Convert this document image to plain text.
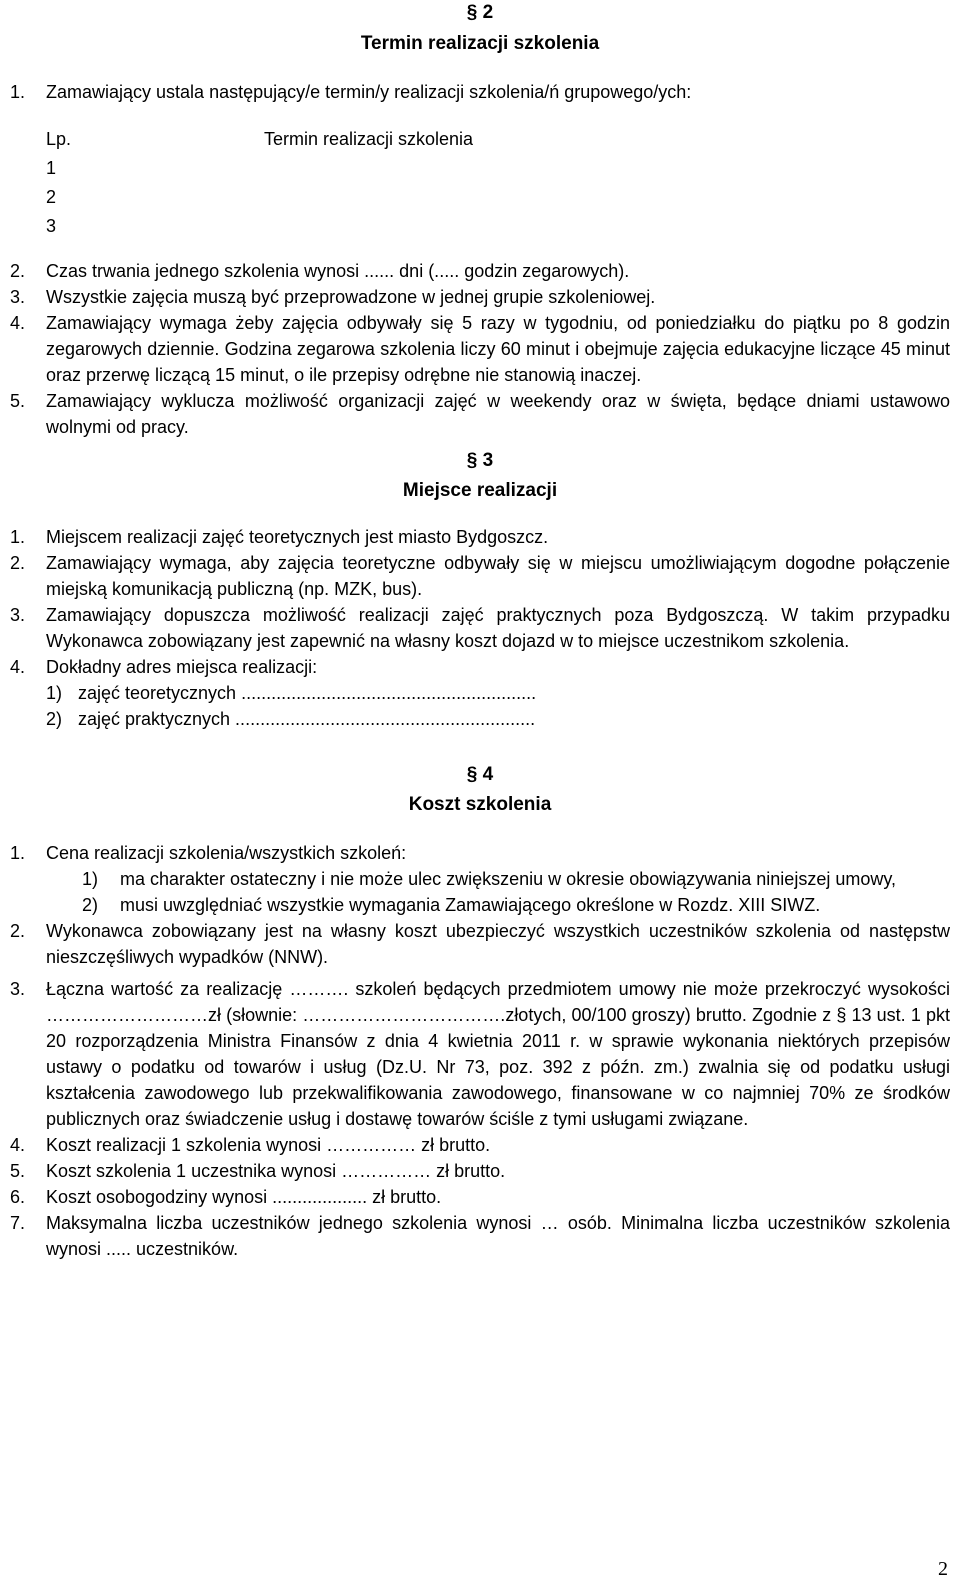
§ 2
Termin realizacji szkolenia
1. Zamawiający ustala następujący/e termin/y realizacji szkolenia/ń grupowego/ych:
Lp.	Termin realizacji szkolenia
1
2
3
2. Czas trwania jednego szkolenia wynosi ...... dni (..... godzin zegarowych).
3. Wszystkie zajęcia muszą być przeprowadzone w jednej grupie szkoleniowej.
4. Zamawiający wymaga żeby zajęcia odbywały się 5 razy w tygodniu, od poniedziałku do piątku po 8 godzin zegarowych dziennie. Godzina zegarowa szkolenia liczy 60 minut i obejmuje zajęcia edukacyjne liczące 45 minut oraz przerwę liczącą 15 minut, o ile przepisy odrębne nie stanowią inaczej.
5. Zamawiający wyklucza możliwość organizacji zajęć w weekendy oraz w święta, będące dniami ustawowo wolnymi od pracy.
§ 3
Miejsce realizacji
1. Miejscem realizacji zajęć teoretycznych jest miasto Bydgoszcz.
2. Zamawiający wymaga, aby zajęcia teoretyczne odbywały się w miejscu umożliwiającym dogodne połączenie miejską komunikacją publiczną (np. MZK, bus).
3. Zamawiający dopuszcza możliwość realizacji zajęć praktycznych poza Bydgoszczą. W takim przypadku Wykonawca zobowiązany jest zapewnić na własny koszt dojazd w to miejsce uczestnikom szkolenia.
4. Dokładny adres miejsca realizacji:
1) zajęć teoretycznych ...........................................................
2) zajęć praktycznych ............................................................
§ 4
Koszt szkolenia
1. Cena realizacji szkolenia/wszystkich szkoleń:
1) ma charakter ostateczny i nie może ulec zwiększeniu w okresie obowiązywania niniejszej umowy,
2) musi uwzględniać wszystkie wymagania Zamawiającego określone w Rozdz. XIII SIWZ.
2. Wykonawca zobowiązany jest na własny koszt ubezpieczyć wszystkich uczestników szkolenia od następstw nieszczęśliwych wypadków (NNW).
3. Łączna wartość za realizację ………. szkoleń będących przedmiotem umowy nie może przekroczyć wysokości ………………………zł (słownie: …………………………….złotych, 00/100 groszy) brutto. Zgodnie z § 13 ust. 1 pkt 20 rozporządzenia Ministra Finansów z dnia 4 kwietnia 2011 r. w sprawie wykonania niektórych przepisów ustawy o podatku od towarów i usług (Dz.U. Nr 73, poz. 392 z późn. zm.) zwalnia się od podatku usługi kształcenia zawodowego lub przekwalifikowania zawodowego, finansowane w co najmniej 70% ze środków publicznych oraz świadczenie usług i dostawę towarów ściśle z tymi usługami związane.
4. Koszt realizacji 1 szkolenia wynosi …………… zł brutto.
5. Koszt szkolenia 1 uczestnika wynosi …………… zł brutto.
6. Koszt osobogodziny wynosi ................... zł brutto.
7. Maksymalna liczba uczestników jednego szkolenia wynosi … osób. Minimalna liczba uczestników szkolenia wynosi ..... uczestników.
2
